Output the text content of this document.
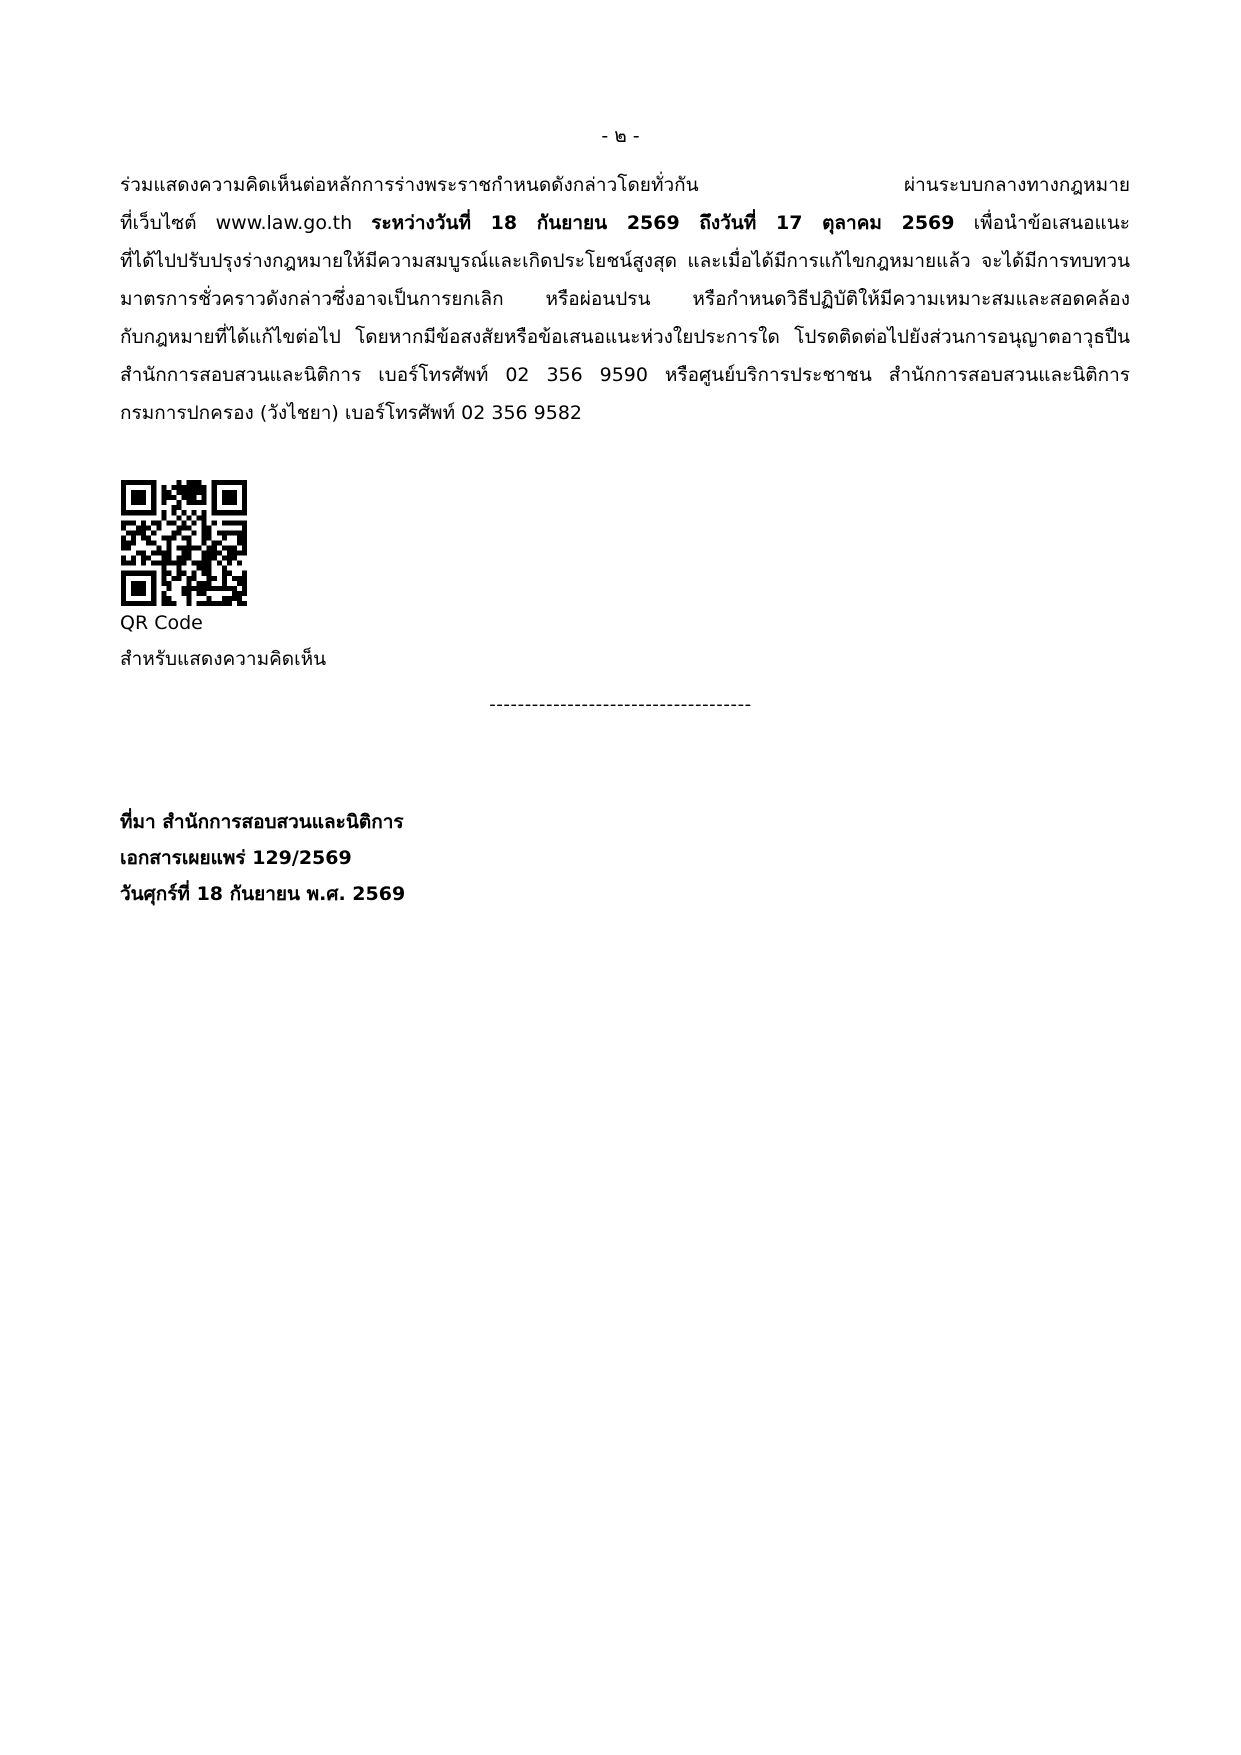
- ๒ -
ร่วมแสดงความคิดเห็นต่อหลักการร่างพระราชกำหนดดังกล่าวโดยทั่วกัน ผ่านระบบกลางทางกฎหมาย
ที่เว็บไซต์ www.law.go.th ระหว่างวันที่ 18 กันยายน 2569 ถึงวันที่ 17 ตุลาคม 2569 เพื่อนำข้อเสนอแนะ
ที่ได้ไปปรับปรุงร่างกฎหมายให้มีความสมบูรณ์และเกิดประโยชน์สูงสุด และเมื่อได้มีการแก้ไขกฎหมายแล้ว จะได้มีการทบทวน
มาตรการชั่วคราวดังกล่าวซึ่งอาจเป็นการยกเลิก หรือผ่อนปรน หรือกำหนดวิธีปฏิบัติให้มีความเหมาะสมและสอดคล้อง
กับกฎหมายที่ได้แก้ไขต่อไป โดยหากมีข้อสงสัยหรือข้อเสนอแนะห่วงใยประการใด โปรดติดต่อไปยังส่วนการอนุญาตอาวุธปืน
สำนักการสอบสวนและนิติการ เบอร์โทรศัพท์ 02 356 9590 หรือศูนย์บริการประชาชน สำนักการสอบสวนและนิติการ
กรมการปกครอง (วังไชยา) เบอร์โทรศัพท์ 02 356 9582
QR Code
สำหรับแสดงความคิดเห็น
-------------------------------------
ที่มา สำนักการสอบสวนและนิติการ
เอกสารเผยแพร่ 129/2569
วันศุกร์ที่ 18 กันยายน พ.ศ. 2569
